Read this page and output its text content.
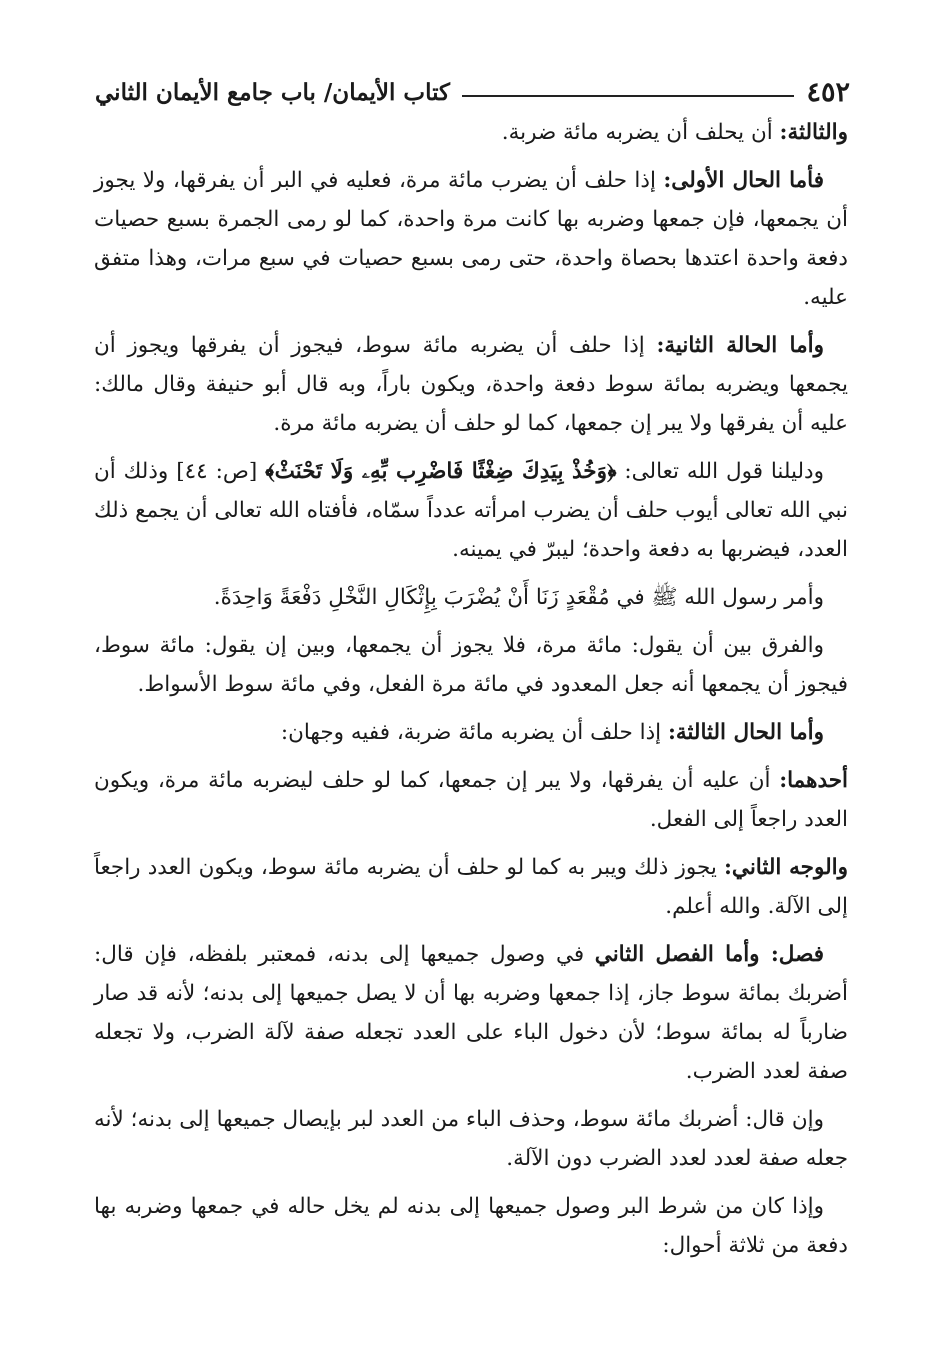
٤٥٢
كتاب الأيمان/ باب جامع الأيمان الثاني

والثالثة: أن يحلف أن يضربه مائة ضربة.

فأما الحال الأولى: إذا حلف أن يضرب مائة مرة، فعليه في البر أن يفرقها، ولا يجوز أن يجمعها، فإن جمعها وضربه بها كانت مرة واحدة، كما لو رمى الجمرة بسبع حصيات دفعة واحدة اعتدها بحصاة واحدة، حتى رمى بسبع حصيات في سبع مرات، وهذا متفق عليه.

وأما الحالة الثانية: إذا حلف أن يضربه مائة سوط، فيجوز أن يفرقها ويجوز أن يجمعها ويضربه بمائة سوط دفعة واحدة، ويكون باراً، وبه قال أبو حنيفة وقال مالك: عليه أن يفرقها ولا يبر إن جمعها، كما لو حلف أن يضربه مائة مرة.

ودليلنا قول الله تعالى: ﴿وَخُذْ بِيَدِكَ ضِغْثًا فَاضْرِب بِّهِۦ وَلَا تَحْنَثْ﴾ [ص: ٤٤] وذلك أن نبي الله تعالى أيوب حلف أن يضرب امرأته عدداً سمّاه، فأفتاه الله تعالى أن يجمع ذلك العدد، فيضربها به دفعة واحدة؛ ليبرّ في يمينه.

وأمر رسول الله ﷺ في مُقْعَدٍ زَنَا أَنْ يُضْرَبَ بِإِثْكَالِ النَّخْلِ دَفْعَةً وَاحِدَةً.

والفرق بين أن يقول: مائة مرة، فلا يجوز أن يجمعها، وبين إن يقول: مائة سوط، فيجوز أن يجمعها أنه جعل المعدود في مائة مرة الفعل، وفي مائة سوط الأسواط.

وأما الحال الثالثة: إذا حلف أن يضربه مائة ضربة، ففيه وجهان:

أحدهما: أن عليه أن يفرقها، ولا يبر إن جمعها، كما لو حلف ليضربه مائة مرة، ويكون العدد راجعاً إلى الفعل.

والوجه الثاني: يجوز ذلك ويبر به كما لو حلف أن يضربه مائة سوط، ويكون العدد راجعاً إلى الآلة. والله أعلم.

فصل: وأما الفصل الثاني في وصول جميعها إلى بدنه، فمعتبر بلفظه، فإن قال: أضربك بمائة سوط جاز، إذا جمعها وضربه بها أن لا يصل جميعها إلى بدنه؛ لأنه قد صار ضارباً له بمائة سوط؛ لأن دخول الباء على العدد تجعله صفة لآلة الضرب، ولا تجعله صفة لعدد الضرب.

وإن قال: أضربك مائة سوط، وحذف الباء من العدد لبر بإيصال جميعها إلى بدنه؛ لأنه جعله صفة لعدد لعدد الضرب دون الآلة.

وإذا كان من شرط البر وصول جميعها إلى بدنه لم يخل حاله في جمعها وضربه بها دفعة من ثلاثة أحوال:
